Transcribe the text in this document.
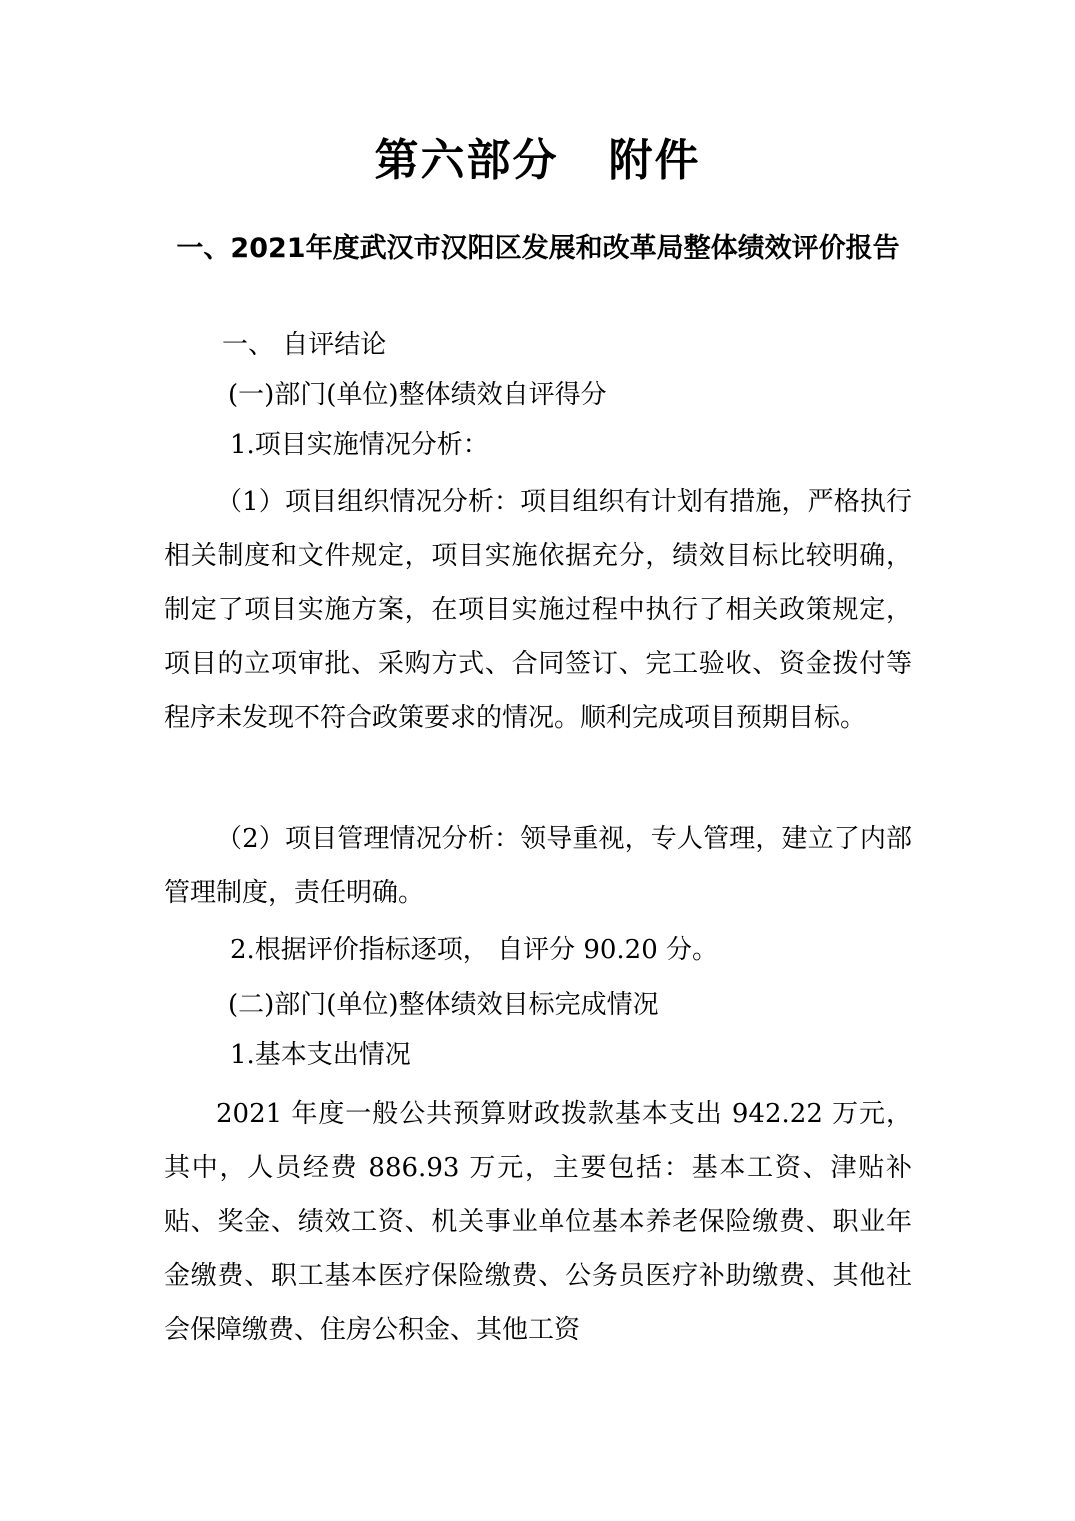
第六部分 附件
一、2021年度武汉市汉阳区发展和改革局整体绩效评价报告

一、 自评结论

(一)部门(单位)整体绩效自评得分

1.项目实施情况分析：

（1）项目组织情况分析：项目组织有计划有措施，严格执行相关制度和文件规定，项目实施依据充分，绩效目标比较明确，制定了项目实施方案，在项目实施过程中执行了相关政策规定，项目的立项审批、采购方式、合同签订、完工验收、资金拨付等程序未发现不符合政策要求的情况。顺利完成项目预期目标。

（2）项目管理情况分析：领导重视，专人管理，建立了内部管理制度，责任明确。

2.根据评价指标逐项， 自评分 90.20 分。

(二)部门(单位)整体绩效目标完成情况

1.基本支出情况

2021 年度一般公共预算财政拨款基本支出 942.22 万元，其中，人员经费 886.93 万元，主要包括：基本工资、津贴补贴、奖金、绩效工资、机关事业单位基本养老保险缴费、职业年金缴费、职工基本医疗保险缴费、公务员医疗补助缴费、其他社会保障缴费、住房公积金、其他工资
